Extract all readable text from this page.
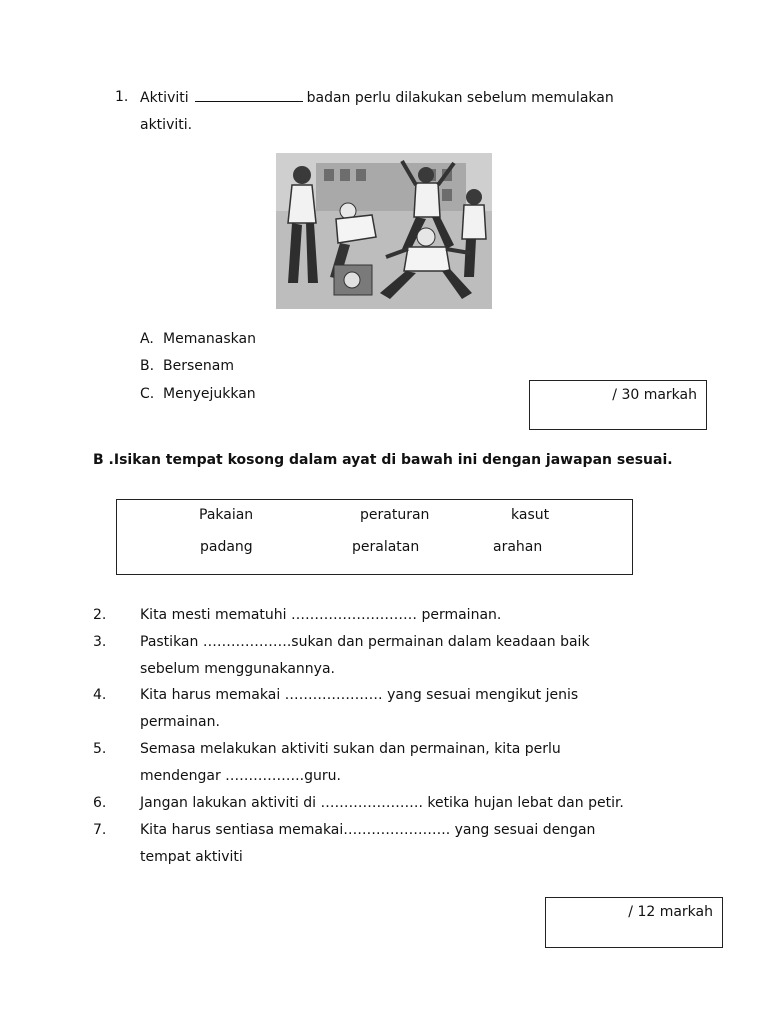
1. Aktiviti	badan perlu dilakukan sebelum memulakan
aktiviti.
A. Memanaskan
B. Bersenam
C. Menyejukkan	/ 30 markah
B .Isikan tempat kosong dalam ayat di bawah ini dengan jawapan sesuai.
Pakaian	peraturan	kasut
padang	peralatan	arahan
2. Kita mesti mematuhi ……………………… permainan.
3. Pastikan ……………….sukan dan permainan dalam keadaan baik
sebelum menggunakannya.
4. Kita harus memakai ………………… yang sesuai mengikut jenis
permainan.
5. Semasa melakukan aktiviti sukan dan permainan, kita perlu
mendengar ……………..guru.
6. Jangan lakukan aktiviti di …………………. ketika hujan lebat dan petir.
7. Kita harus sentiasa memakai………………….. yang sesuai dengan
tempat aktiviti
/ 12 markah
